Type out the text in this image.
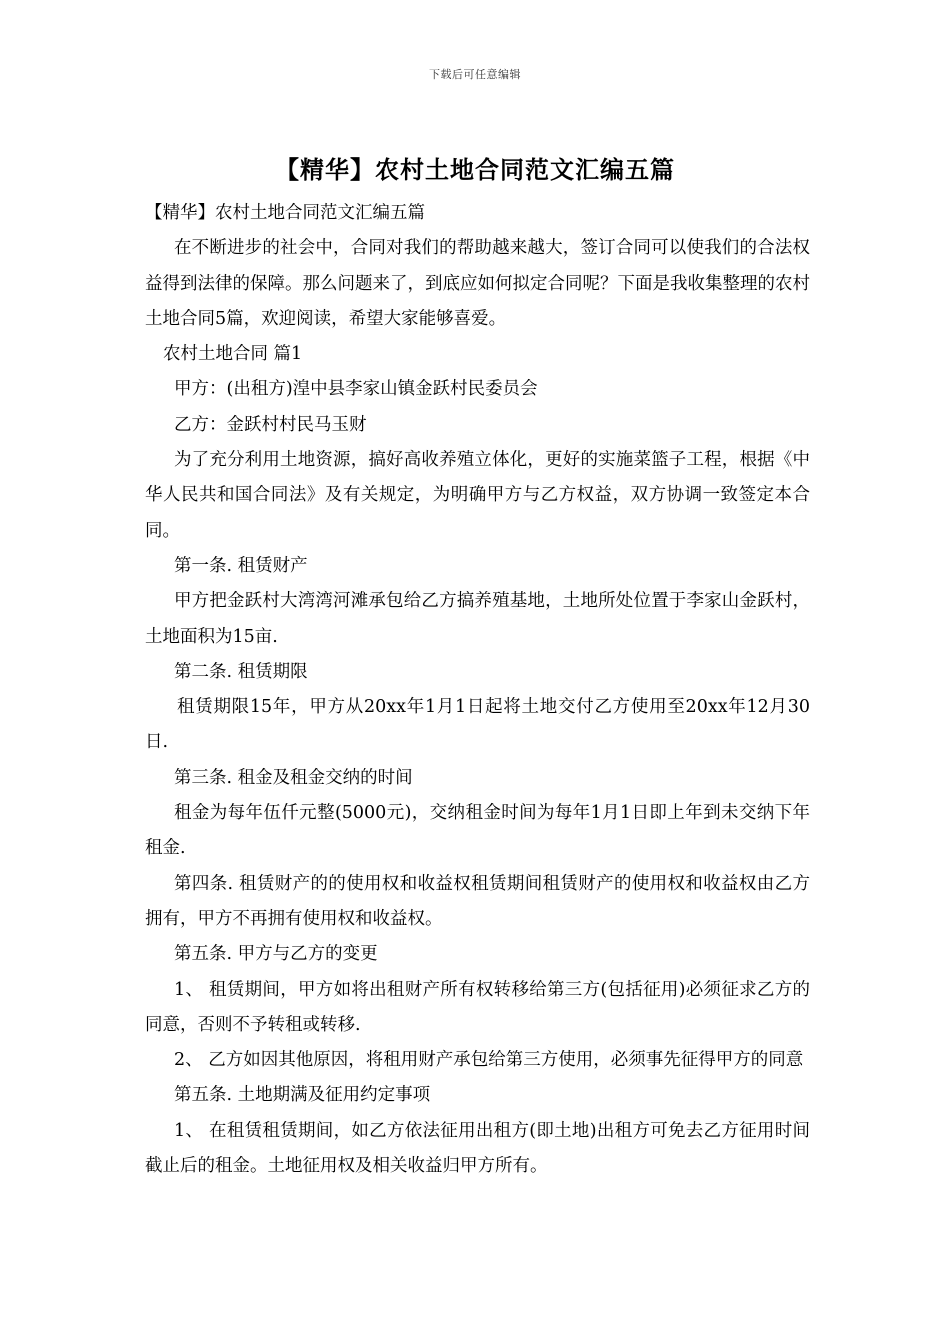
下载后可任意编辑
【精华】农村土地合同范文汇编五篇

【精华】农村土地合同范文汇编五篇

在不断进步的社会中，合同对我们的帮助越来越大，签订合同可以使我们的合法权益得到法律的保障。那么问题来了，到底应如何拟定合同呢？下面是我收集整理的农村土地合同5篇，欢迎阅读，希望大家能够喜爱。

农村土地合同 篇1

甲方：(出租方)湟中县李家山镇金跃村民委员会

乙方：金跃村村民马玉财

为了充分利用土地资源，搞好高收养殖立体化，更好的实施菜篮子工程，根据《中华人民共和国合同法》及有关规定，为明确甲方与乙方权益，双方协调一致签定本合同。

第一条. 租赁财产

甲方把金跃村大湾湾河滩承包给乙方搞养殖基地，土地所处位置于李家山金跃村，土地面积为15亩.

第二条. 租赁期限

租赁期限15年，甲方从20xx年1月1日起将土地交付乙方使用至20xx年12月30日.

第三条. 租金及租金交纳的时间

租金为每年伍仟元整(5000元)，交纳租金时间为每年1月1日即上年到未交纳下年租金.

第四条. 租赁财产的的使用权和收益权租赁期间租赁财产的使用权和收益权由乙方拥有，甲方不再拥有使用权和收益权。

第五条. 甲方与乙方的变更

1、 租赁期间，甲方如将出租财产所有权转移给第三方(包括征用)必须征求乙方的同意，否则不予转租或转移.

2、 乙方如因其他原因，将租用财产承包给第三方使用，必须事先征得甲方的同意

第五条. 土地期满及征用约定事项

1、 在租赁租赁期间，如乙方依法征用出租方(即土地)出租方可免去乙方征用时间截止后的租金。土地征用权及相关收益归甲方所有。
